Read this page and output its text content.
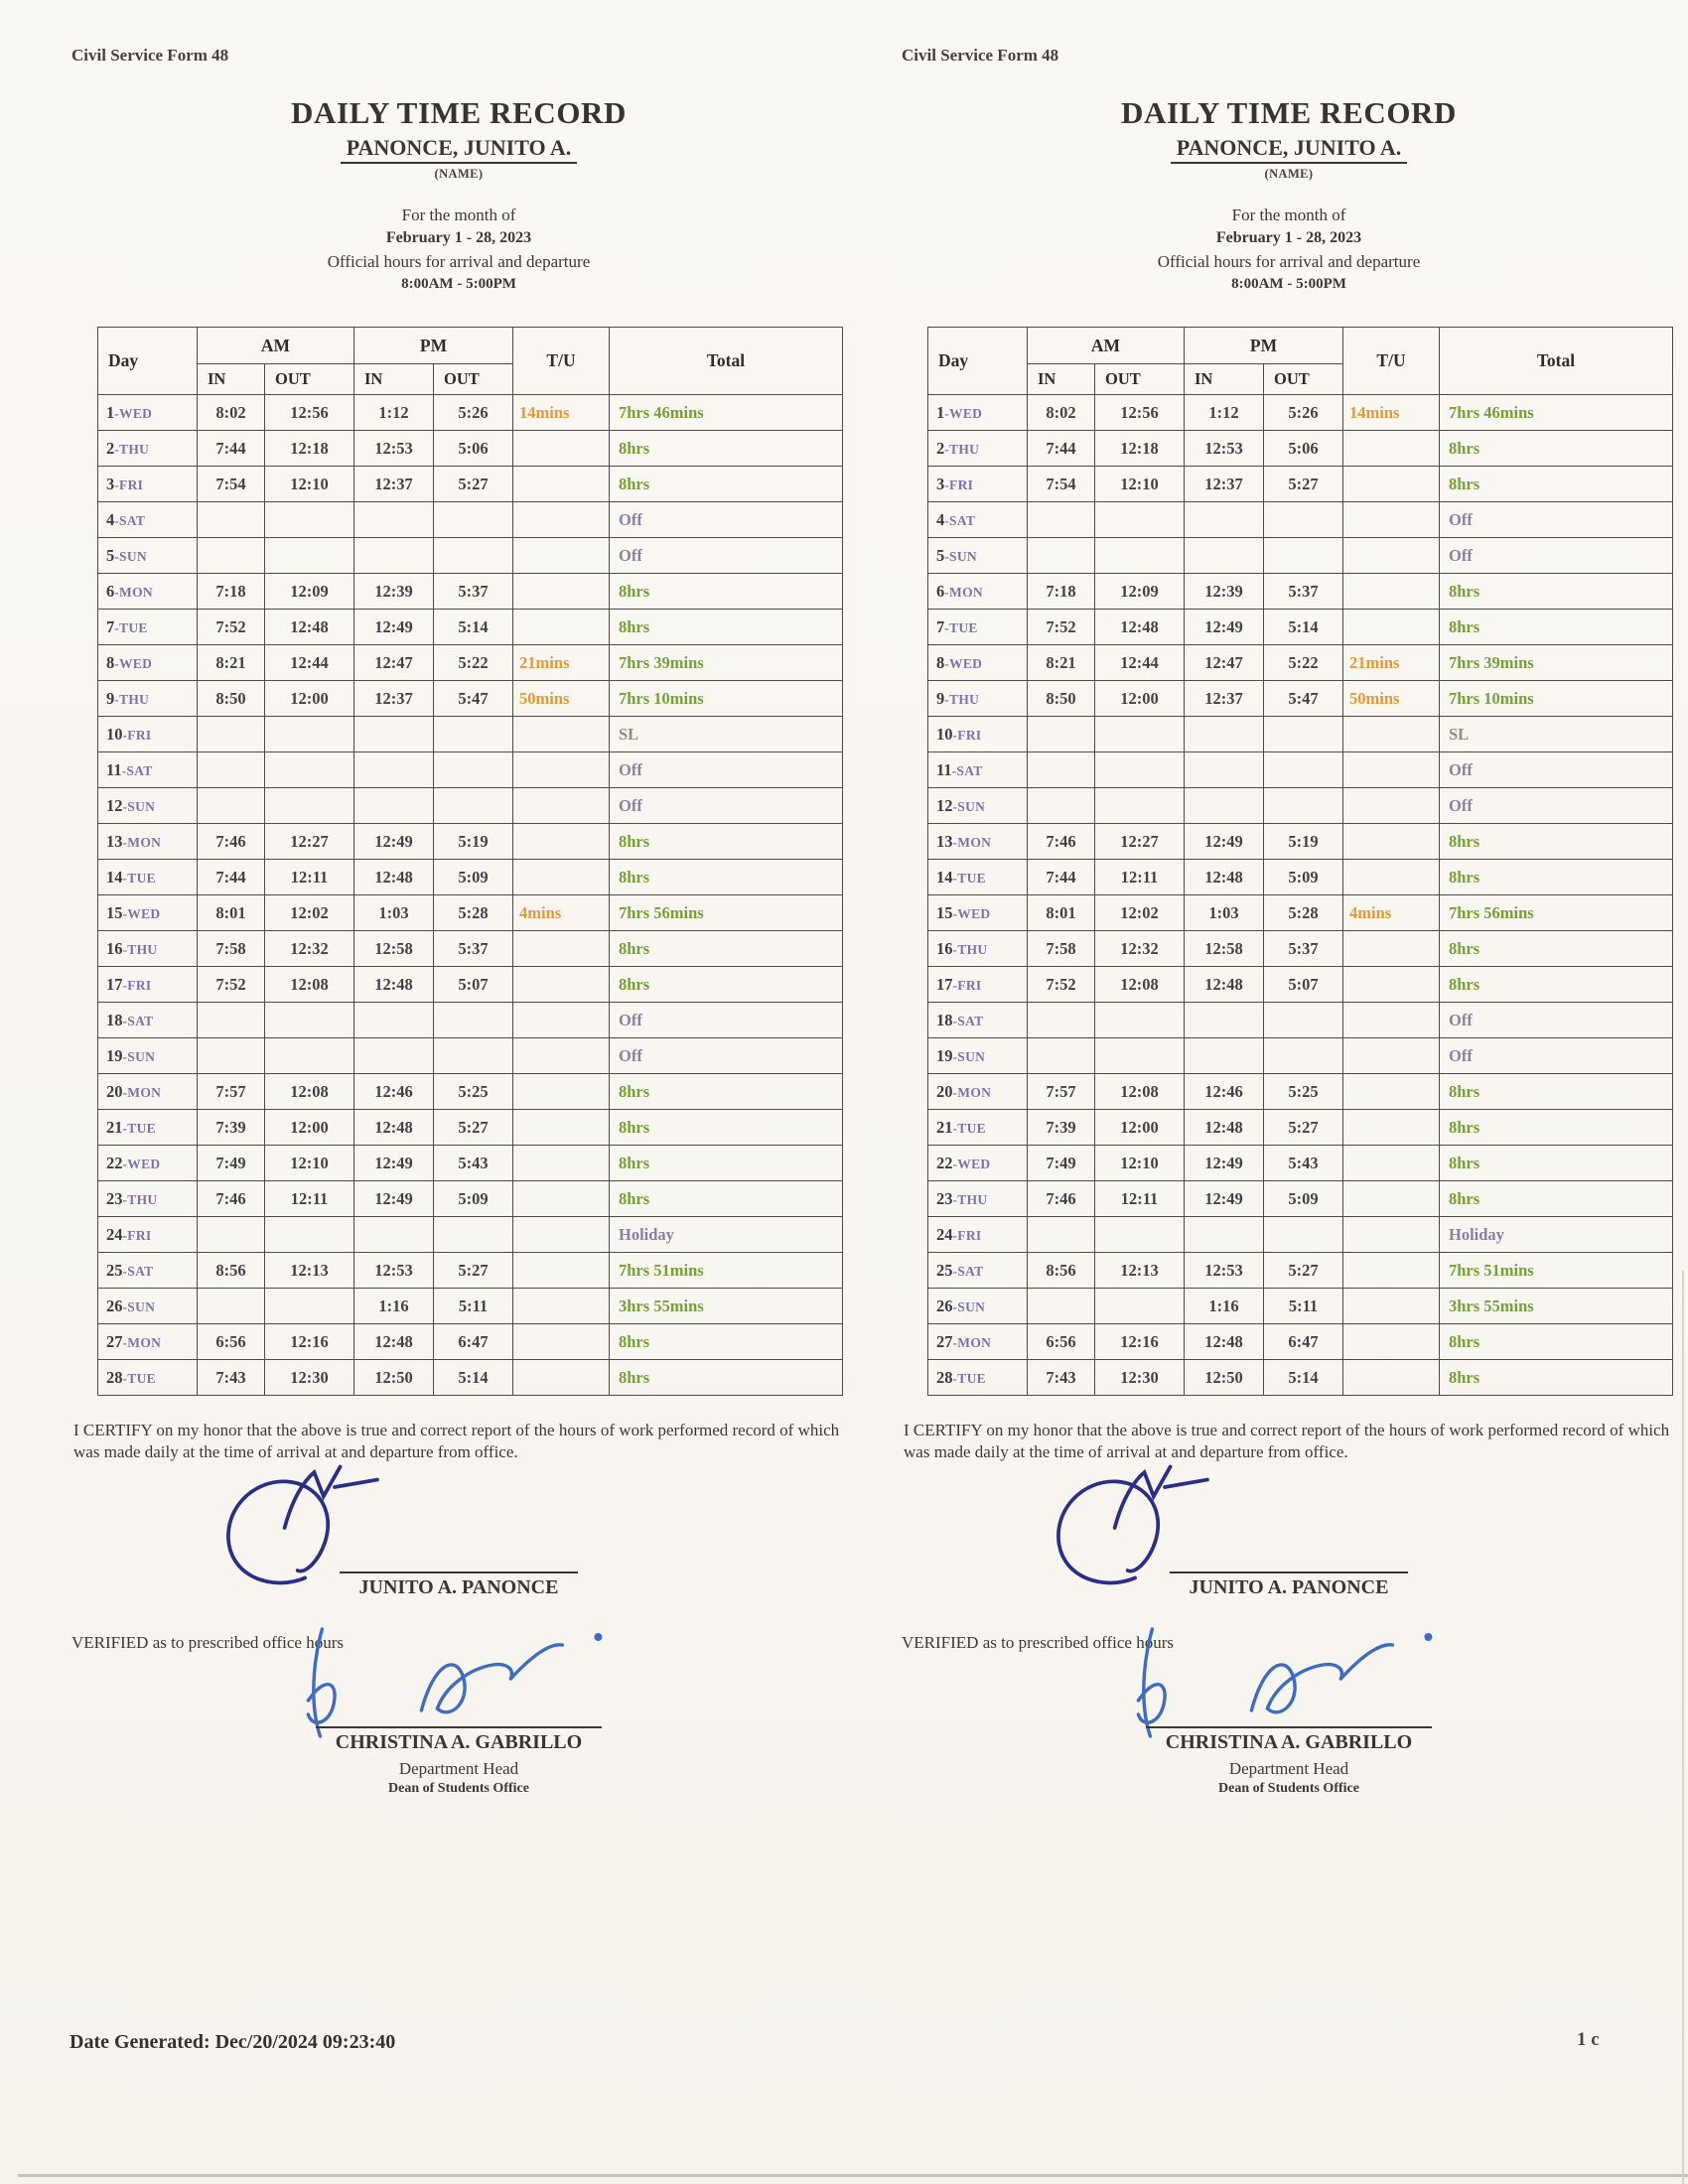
Civil Service Form 48
DAILY TIME RECORD
PANONCE, JUNITO A.
(NAME)
For the month of
February 1 - 28, 2023
Official hours for arrival and departure
8:00AM - 5:00PM
Day	AM		PM		T/U	Total
	IN	OUT	IN	OUT		
1-WED	8:02	12:56	1:12	5:26	14mins	7hrs 46mins
2-THU	7:44	12:18	12:53	5:06		8hrs
3-FRI	7:54	12:10	12:37	5:27		8hrs
4-SAT						Off
5-SUN						Off
6-MON	7:18	12:09	12:39	5:37		8hrs
7-TUE	7:52	12:48	12:49	5:14		8hrs
8-WED	8:21	12:44	12:47	5:22	21mins	7hrs 39mins
9-THU	8:50	12:00	12:37	5:47	50mins	7hrs 10mins
10-FRI						SL
11-SAT						Off
12-SUN						Off
13-MON	7:46	12:27	12:49	5:19		8hrs
14-TUE	7:44	12:11	12:48	5:09		8hrs
15-WED	8:01	12:02	1:03	5:28	4mins	7hrs 56mins
16-THU	7:58	12:32	12:58	5:37		8hrs
17-FRI	7:52	12:08	12:48	5:07		8hrs
18-SAT						Off
19-SUN						Off
20-MON	7:57	12:08	12:46	5:25		8hrs
21-TUE	7:39	12:00	12:48	5:27		8hrs
22-WED	7:49	12:10	12:49	5:43		8hrs
23-THU	7:46	12:11	12:49	5:09		8hrs
24-FRI						Holiday
25-SAT	8:56	12:13	12:53	5:27		7hrs 51mins
26-SUN			1:16	5:11		3hrs 55mins
27-MON	6:56	12:16	12:48	6:47		8hrs
28-TUE	7:43	12:30	12:50	5:14		8hrs

I CERTIFY on my honor that the above is true and correct report of the hours of work performed record of which was made daily at the time of arrival at and departure from office.

JUNITO A. PANONCE
VERIFIED as to prescribed office hours
CHRISTINA A. GABRILLO
Department Head
Dean of Students Office
Civil Service Form 48
DAILY TIME RECORD
PANONCE, JUNITO A.
(NAME)
For the month of
February 1 - 28, 2023
Official hours for arrival and departure
8:00AM - 5:00PM
Day	AM		PM		T/U	Total
	IN	OUT	IN	OUT		
1-WED	8:02	12:56	1:12	5:26	14mins	7hrs 46mins
2-THU	7:44	12:18	12:53	5:06		8hrs
3-FRI	7:54	12:10	12:37	5:27		8hrs
4-SAT						Off
5-SUN						Off
6-MON	7:18	12:09	12:39	5:37		8hrs
7-TUE	7:52	12:48	12:49	5:14		8hrs
8-WED	8:21	12:44	12:47	5:22	21mins	7hrs 39mins
9-THU	8:50	12:00	12:37	5:47	50mins	7hrs 10mins
10-FRI						SL
11-SAT						Off
12-SUN						Off
13-MON	7:46	12:27	12:49	5:19		8hrs
14-TUE	7:44	12:11	12:48	5:09		8hrs
15-WED	8:01	12:02	1:03	5:28	4mins	7hrs 56mins
16-THU	7:58	12:32	12:58	5:37		8hrs
17-FRI	7:52	12:08	12:48	5:07		8hrs
18-SAT						Off
19-SUN						Off
20-MON	7:57	12:08	12:46	5:25		8hrs
21-TUE	7:39	12:00	12:48	5:27		8hrs
22-WED	7:49	12:10	12:49	5:43		8hrs
23-THU	7:46	12:11	12:49	5:09		8hrs
24-FRI						Holiday
25-SAT	8:56	12:13	12:53	5:27		7hrs 51mins
26-SUN			1:16	5:11		3hrs 55mins
27-MON	6:56	12:16	12:48	6:47		8hrs
28-TUE	7:43	12:30	12:50	5:14		8hrs

I CERTIFY on my honor that the above is true and correct report of the hours of work performed record of which was made daily at the time of arrival at and departure from office.

JUNITO A. PANONCE
VERIFIED as to prescribed office hours
CHRISTINA A. GABRILLO
Department Head
Dean of Students Office
Date Generated: Dec/20/2024 09:23:40	1 c
